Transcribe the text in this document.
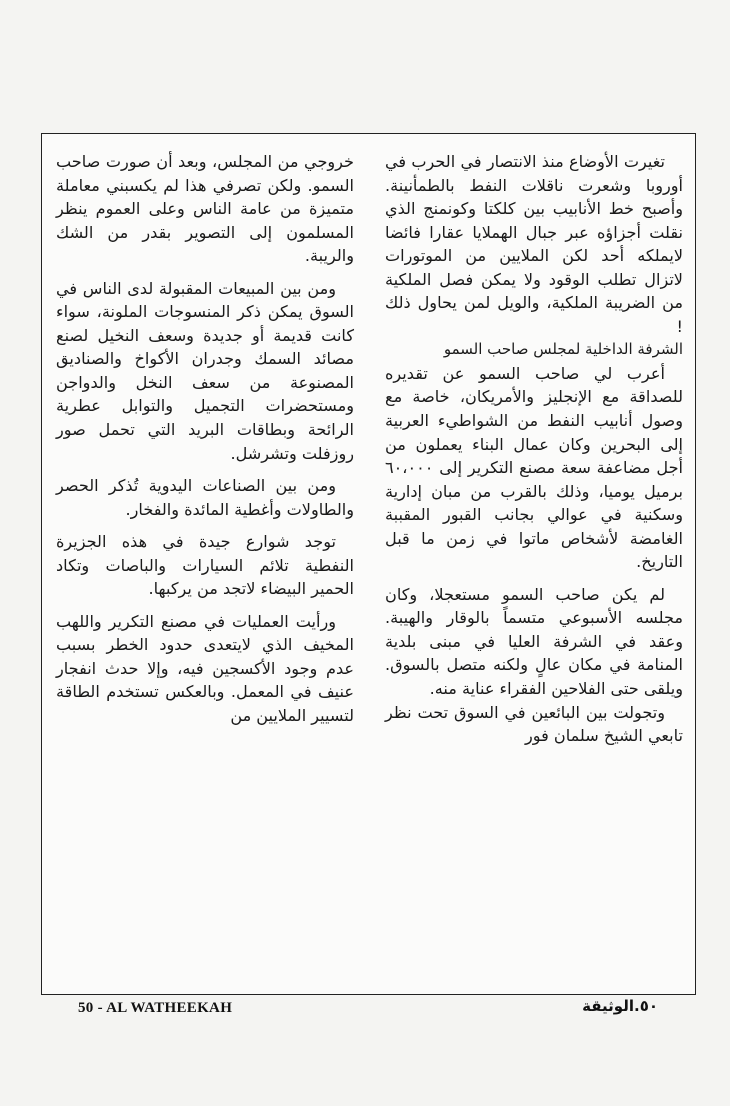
تغيرت الأوضاع منذ الانتصار في الحرب في أوروبا وشعرت ناقلات النفط بالطمأنينة. وأصبح خط الأنابيب بين كلكتا وكونمنج الذي نقلت أجزاؤه عبر جبال الهملايا عقارا فائضا لايملكه أحد لكن الملايين من الموتورات لاتزال تطلب الوقود ولا يمكن فصل الملكية من الضريبة الملكية، والويل لمن يحاول ذلك !

الشرفة الداخلية لمجلس صاحب السمو

أعرب لي صاحب السمو عن تقديره للصداقة مع الإنجليز والأمريكان، خاصة مع وصول أنابيب النفط من الشواطيء العربية إلى البحرين وكان عمال البناء يعملون من أجل مضاعفة سعة مصنع التكرير إلى ٦٠،٠٠٠ برميل يوميا، وذلك بالقرب من مبان إدارية وسكنية في عوالي بجانب القبور المقببة الغامضة لأشخاص ماتوا في زمن ما قبل التاريخ.

لم يكن صاحب السمو مستعجلا، وكان مجلسه الأسبوعي متسماً بالوقار والهيبة. وعقد في الشرفة العليا في مبنى بلدية المنامة في مكان عالٍ ولكنه متصل بالسوق. ويلقى حتى الفلاحين الفقراء عناية منه.

وتجولت بين البائعين في السوق تحت نظر تابعي الشيخ سلمان فور

خروجي من المجلس، وبعد أن صورت صاحب السمو. ولكن تصرفي هذا لم يكسبني معاملة متميزة من عامة الناس وعلى العموم ينظر المسلمون إلى التصوير بقدر من الشك والريبة.

ومن بين المبيعات المقبولة لدى الناس في السوق يمكن ذكر المنسوجات الملونة، سواء كانت قديمة أو جديدة وسعف النخيل لصنع مصائد السمك وجدران الأكواخ والصناديق المصنوعة من سعف النخل والدواجن ومستحضرات التجميل والتوابل عطرية الرائحة وبطاقات البريد التي تحمل صور روزفلت وتشرشل.

ومن بين الصناعات اليدوية تُذكر الحصر والطاولات وأغطية المائدة والفخار.

توجد شوارع جيدة في هذه الجزيرة النفطية تلائم السيارات والباصات وتكاد الحمير البيضاء لاتجد من يركبها.

ورأيت العمليات في مصنع التكرير واللهب المخيف الذي لايتعدى حدود الخطر بسبب عدم وجود الأكسجين فيه، وإلا حدث انفجار عنيف في المعمل. وبالعكس تستخدم الطاقة لتسيير الملايين من

50 - AL WATHEEKAH	٥٠.الوثيقة
